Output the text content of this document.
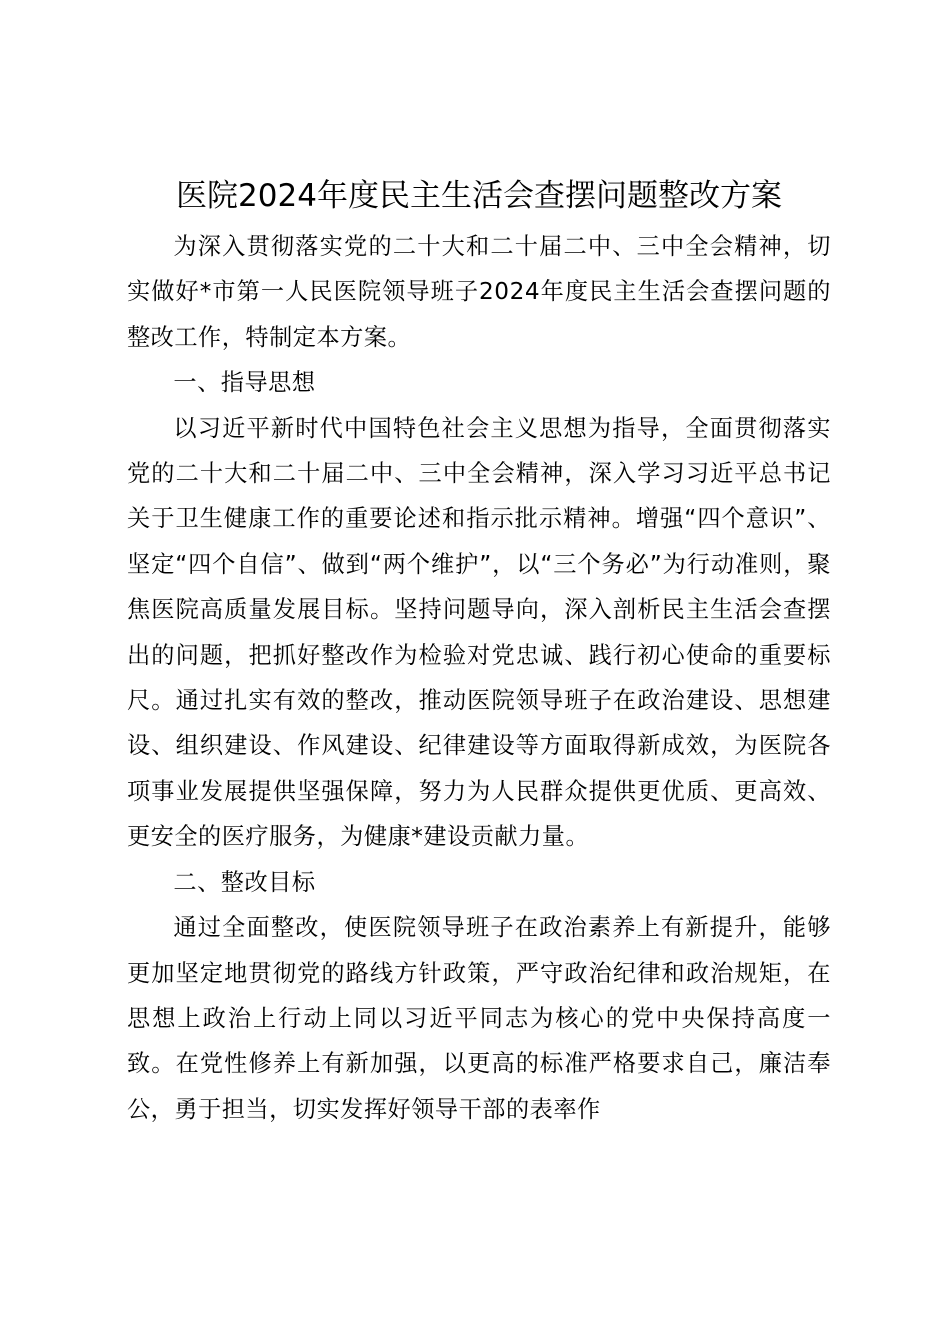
医院2024年度民主生活会查摆问题整改方案

为深入贯彻落实党的二十大和二十届二中、三中全会精神，切实做好*市第一人民医院领导班子2024年度民主生活会查摆问题的整改工作，特制定本方案。

一、指导思想

以习近平新时代中国特色社会主义思想为指导，全面贯彻落实党的二十大和二十届二中、三中全会精神，深入学习习近平总书记关于卫生健康工作的重要论述和指示批示精神。增强“四个意识”、坚定“四个自信”、做到“两个维护”，以“三个务必”为行动准则，聚焦医院高质量发展目标。坚持问题导向，深入剖析民主生活会查摆出的问题，把抓好整改作为检验对党忠诚、践行初心使命的重要标尺。通过扎实有效的整改，推动医院领导班子在政治建设、思想建设、组织建设、作风建设、纪律建设等方面取得新成效，为医院各项事业发展提供坚强保障，努力为人民群众提供更优质、更高效、更安全的医疗服务，为健康*建设贡献力量。

二、整改目标

通过全面整改，使医院领导班子在政治素养上有新提升，能够更加坚定地贯彻党的路线方针政策，严守政治纪律和政治规矩，在思想上政治上行动上同以习近平同志为核心的党中央保持高度一致。在党性修养上有新加强，以更高的标准严格要求自己，廉洁奉公，勇于担当，切实发挥好领导干部的表率作
